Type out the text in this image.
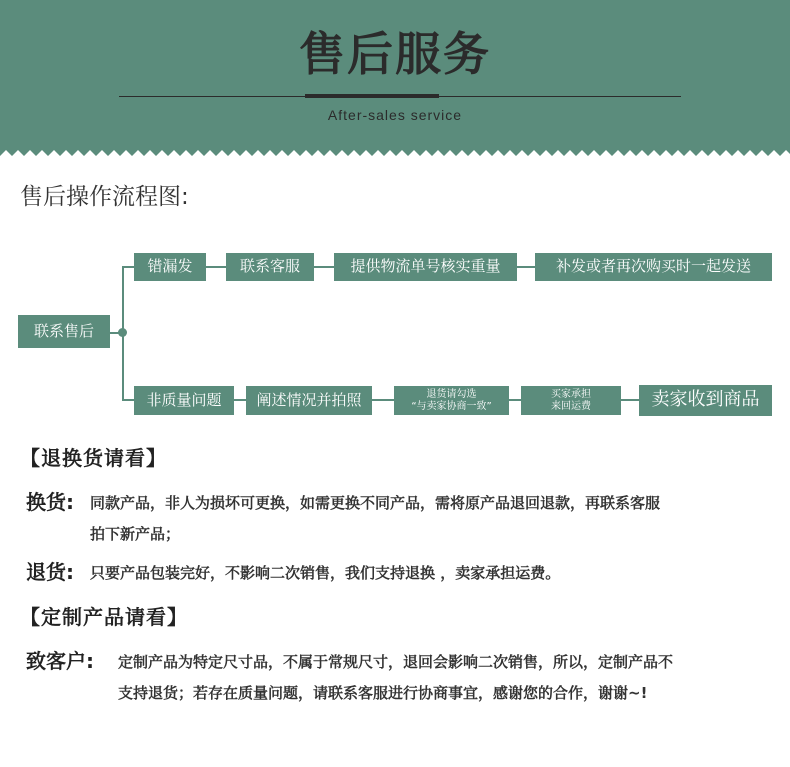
售后服务
After-sales service
售后操作流程图:
联系售后
错漏发	联系客服	提供物流单号核实重量	补发或者再次购买时一起发送
非质量问题	阐述情况并拍照	退货请勾选
“与卖家协商一致”
买家承担
来回运费	卖家收到商品
【退换货请看】
换货: 同款产品，非人为损坏可更换，如需更换不同产品，需将原产品退回退款，再联系客服
拍下新产品；
退货: 只要产品包装完好，不影响二次销售，我们支持退换 ，卖家承担运费。
【定制产品请看】
致客户: 定制产品为特定尺寸品，不属于常规尺寸，退回会影响二次销售，所以，定制产品不
支持退货；若存在质量问题，请联系客服进行协商事宜，感谢您的合作，谢谢~!
